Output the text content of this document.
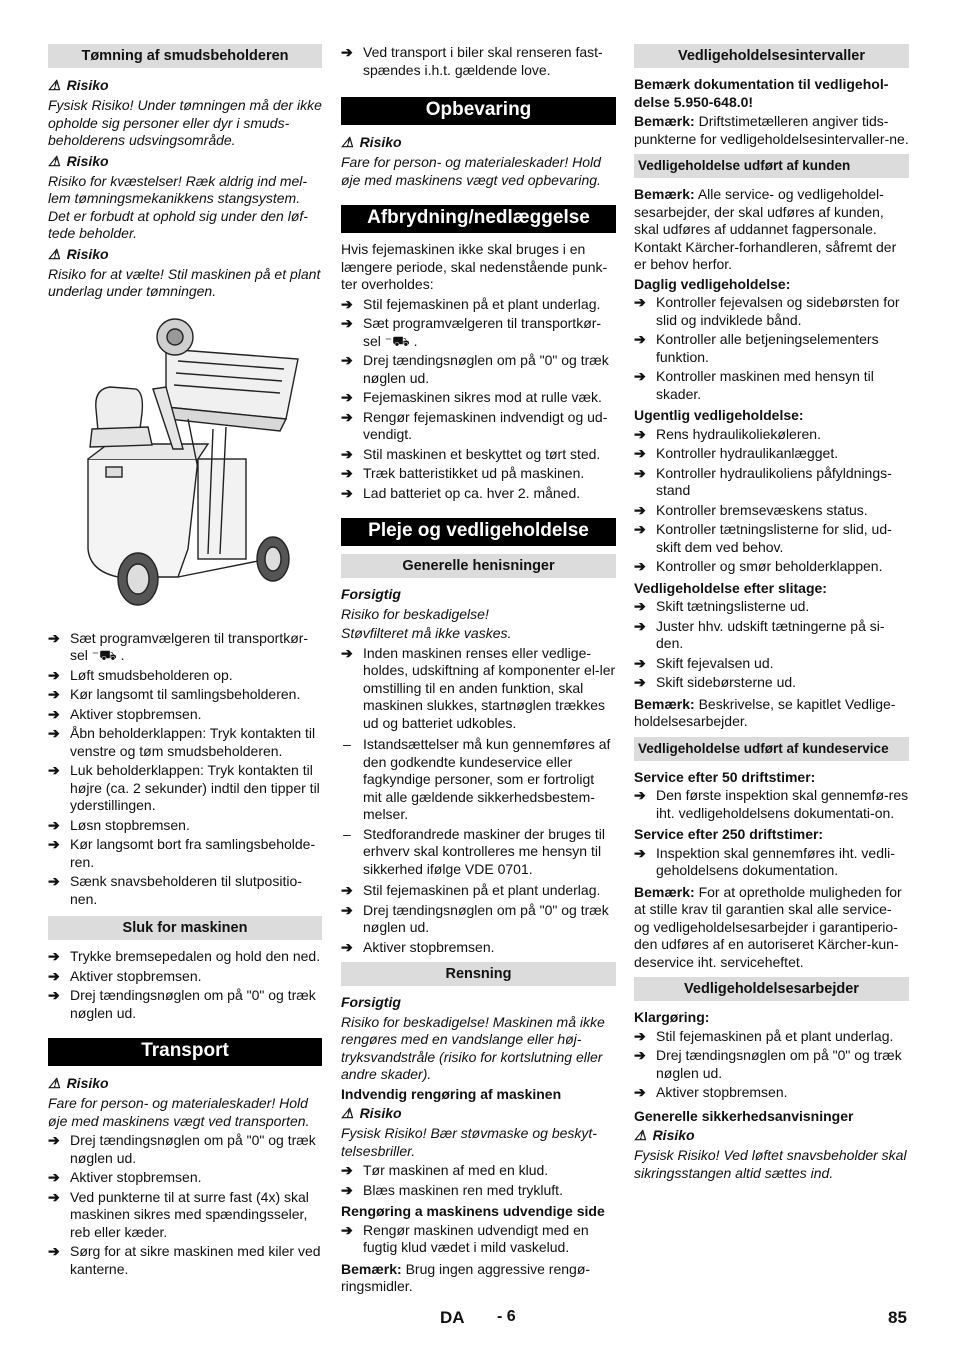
Tømning af smudsbeholderen
⚠ Risiko

Fysisk Risiko! Under tømningen må der ikke opholde sig personer eller dyr i smuds-beholderens udsvingsområde.

⚠ Risiko

Risiko for kvæstelser! Ræk aldrig ind mel-lem tømningsmekanikkens stangsystem. Det er forbudt at ophold sig under den løf-tede beholder.

⚠ Risiko

Risiko for at vælte! Stil maskinen på et plant underlag under tømningen.

➔ Sæt programvælgeren til transportkør-sel ⁻⛟ .
➔ Løft smudsbeholderen op.
➔ Kør langsomt til samlingsbeholderen.
➔ Aktiver stopbremsen.
➔ Åbn beholderklappen: Tryk kontakten til venstre og tøm smudsbeholderen.
➔ Luk beholderklappen: Tryk kontakten til højre (ca. 2 sekunder) indtil den tipper til yderstillingen.
➔ Løsn stopbremsen.
➔ Kør langsomt bort fra samlingsbeholde-ren.
➔ Sænk snavsbeholderen til slutpositio-nen.
Sluk for maskinen
➔ Trykke bremsepedalen og hold den ned.
➔ Aktiver stopbremsen.
➔ Drej tændingsnøglen om på "0" og træk nøglen ud.
Transport
⚠ Risiko

Fare for person- og materialeskader! Hold øje med maskinens vægt ved transporten.

➔ Drej tændingsnøglen om på "0" og træk nøglen ud.
➔ Aktiver stopbremsen.
➔ Ved punkterne til at surre fast (4x) skal maskinen sikres med spændingsseler, reb eller kæder.
➔ Sørg for at sikre maskinen med kiler ved kanterne.
➔ Ved transport i biler skal renseren fast-spændes i.h.t. gældende love.
Opbevaring
⚠ Risiko

Fare for person- og materialeskader! Hold øje med maskinens vægt ved opbevaring.

Afbrydning/nedlæggelse

Hvis fejemaskinen ikke skal bruges i en længere periode, skal nedenstående punk-ter overholdes:

➔ Stil fejemaskinen på et plant underlag.
➔ Sæt programvælgeren til transportkør-sel ⁻⛟ .
➔ Drej tændingsnøglen om på "0" og træk nøglen ud.
➔ Fejemaskinen sikres mod at rulle væk.
➔ Rengør fejemaskinen indvendigt og ud-vendigt.
➔ Stil maskinen et beskyttet og tørt sted.
➔ Træk batteristikket ud på maskinen.
➔ Lad batteriet op ca. hver 2. måned.
Pleje og vedligeholdelse
Generelle henisninger

Forsigtig

Risiko for beskadigelse!

Støvfilteret må ikke vaskes.

➔ Inden maskinen renses eller vedlige-holdes, udskiftning af komponenter el-ler omstilling til en anden funktion, skal maskinen slukkes, startnøglen trækkes ud og batteriet udkobles.
– Istandsættelser må kun gennemføres af den godkendte kundeservice eller fagkyndige personer, som er fortroligt mit alle gældende sikkerhedsbestem-melser.
– Stedforandrede maskiner der bruges til erhverv skal kontrolleres me hensyn til sikkerhed ifølge VDE 0701.
➔ Stil fejemaskinen på et plant underlag.
➔ Drej tændingsnøglen om på "0" og træk nøglen ud.
➔ Aktiver stopbremsen.
Rensning

Forsigtig

Risiko for beskadigelse! Maskinen må ikke rengøres med en vandslange eller høj-tryksvandstråle (risiko for kortslutning eller andre skader).

Indvendig rengøring af maskinen

⚠ Risiko

Fysisk Risiko! Bær støvmaske og beskyt-telsesbriller.

➔ Tør maskinen af med en klud.
➔ Blæs maskinen ren med trykluft.

Rengøring a maskinens udvendige side

➔ Rengør maskinen udvendigt med en fugtig klud vædet i mild vaskelud.

Bemærk: Brug ingen aggressive rengø-ringsmidler.

Vedligeholdelsesintervaller

Bemærk dokumentation til vedligehol-delse 5.950-648.0!

Bemærk: Driftstimetælleren angiver tids-punkterne for vedligeholdelsesintervaller-ne.

Vedligeholdelse udført af kunden

Bemærk: Alle service- og vedligeholdel-sesarbejder, der skal udføres af kunden, skal udføres af uddannet fagpersonale. Kontakt Kärcher-forhandleren, såfremt der er behov herfor.

Daglig vedligeholdelse:

➔ Kontroller fejevalsen og sidebørsten for slid og indviklede bånd.
➔ Kontroller alle betjeningselementers funktion.
➔ Kontroller maskinen med hensyn til skader.

Ugentlig vedligeholdelse:

➔ Rens hydraulikoliekøleren.
➔ Kontroller hydraulikanlægget.
➔ Kontroller hydraulikoliens påfyldnings-stand
➔ Kontroller bremsevæskens status.
➔ Kontroller tætningslisterne for slid, ud-skift dem ved behov.
➔ Kontroller og smør beholderklappen.

Vedligeholdelse efter slitage:

➔ Skift tætningslisterne ud.
➔ Juster hhv. udskift tætningerne på si-den.
➔ Skift fejevalsen ud.
➔ Skift sidebørsterne ud.

Bemærk: Beskrivelse, se kapitlet Vedlige-holdelsesarbejder.

Vedligeholdelse udført af kundeservice

Service efter 50 driftstimer:

➔ Den første inspektion skal gennemfø-res iht. vedligeholdelsens dokumentati-on.

Service efter 250 driftstimer:

➔ Inspektion skal gennemføres iht. vedli-geholdelsens dokumentation.

Bemærk: For at opretholde muligheden for at stille krav til garantien skal alle service- og vedligeholdelsesarbejder i garantiperio-den udføres af en autoriseret Kärcher-kun-deservice iht. serviceheftet.

Vedligeholdelsesarbejder

Klargøring:

➔ Stil fejemaskinen på et plant underlag.
➔ Drej tændingsnøglen om på "0" og træk nøglen ud.
➔ Aktiver stopbremsen.

Generelle sikkerhedsanvisninger

⚠ Risiko

Fysisk Risiko! Ved løftet snavsbeholder skal sikringsstangen altid sættes ind.

DA - 6	85
